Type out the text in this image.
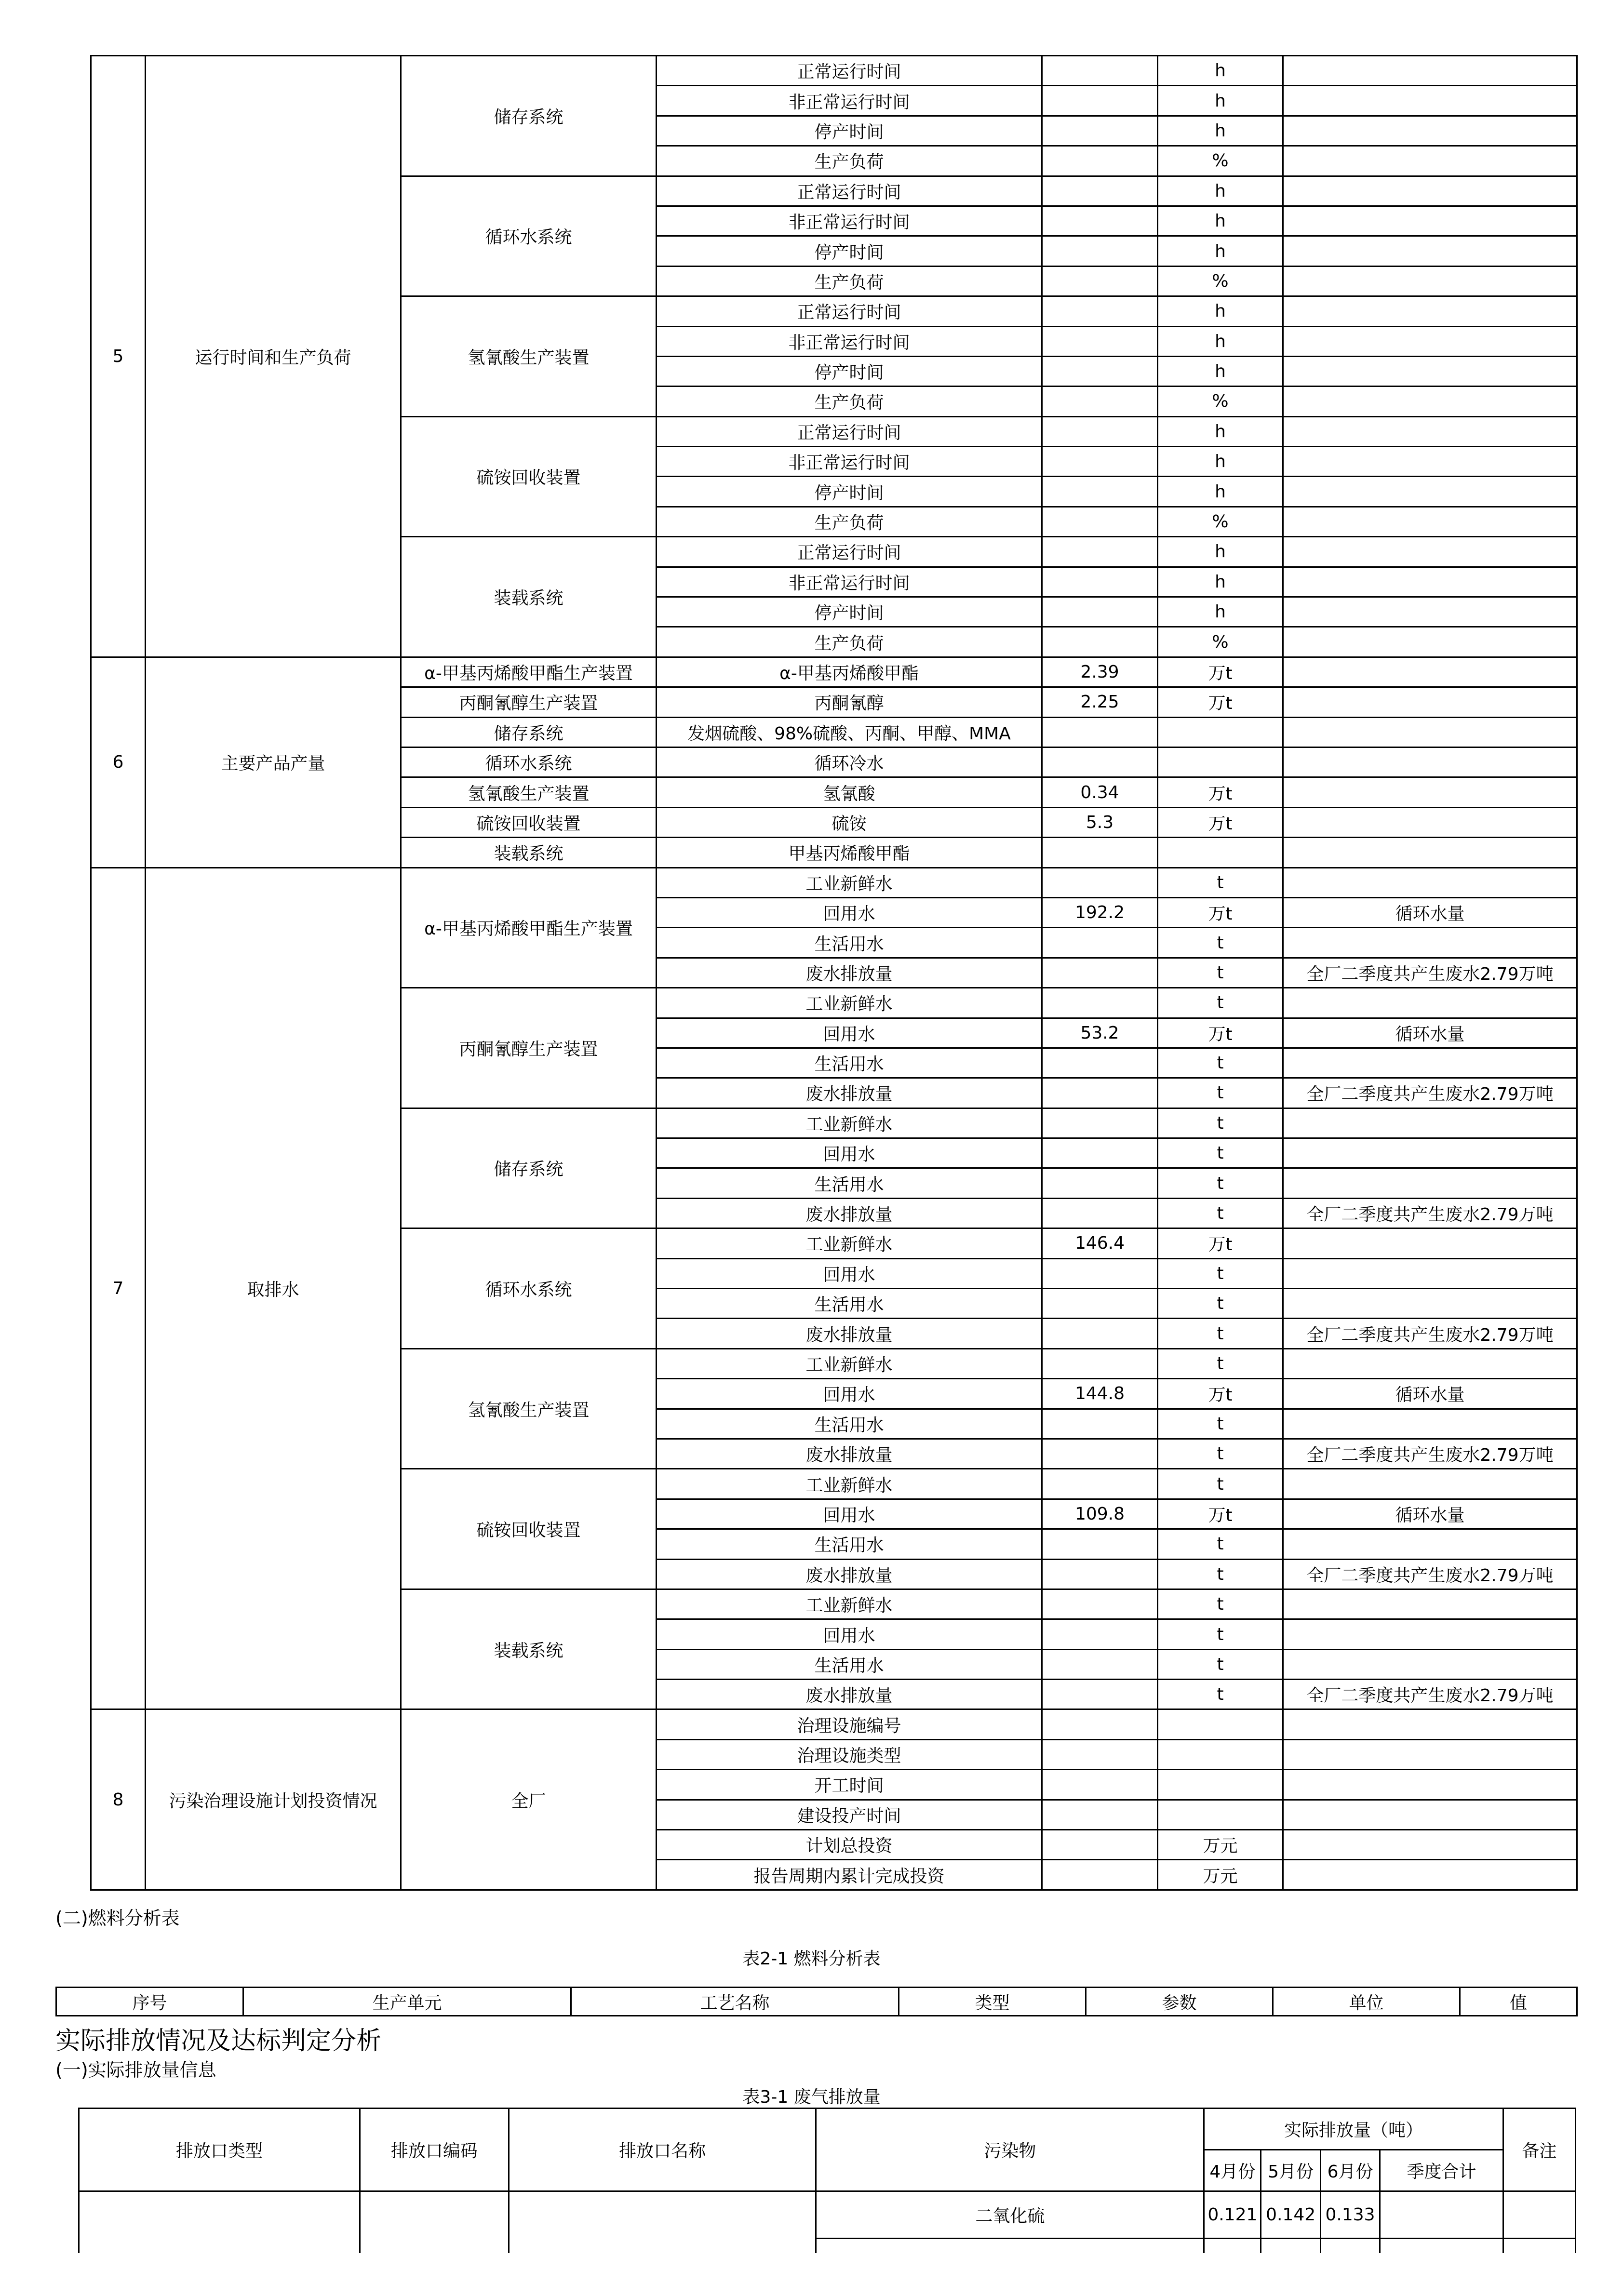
5	运行时间和生产负荷	储存系统	正常运行时间		h	
			非正常运行时间		h	
			停产时间		h	
			生产负荷		%	
		循环水系统	正常运行时间		h	
			非正常运行时间		h	
			停产时间		h	
			生产负荷		%	
		氢氰酸生产装置	正常运行时间		h	
			非正常运行时间		h	
			停产时间		h	
			生产负荷		%	
		硫铵回收装置	正常运行时间		h	
			非正常运行时间		h	
			停产时间		h	
			生产负荷		%	
		装载系统	正常运行时间		h	
			非正常运行时间		h	
			停产时间		h	
			生产负荷		%	
6	主要产品产量	α-甲基丙烯酸甲酯生产装置	α-甲基丙烯酸甲酯	2.39	万t	
		丙酮氰醇生产装置	丙酮氰醇	2.25	万t	
		储存系统	发烟硫酸、98%硫酸、丙酮、甲醇、MMA			
		循环水系统	循环冷水			
		氢氰酸生产装置	氢氰酸	0.34	万t	
		硫铵回收装置	硫铵	5.3	万t	
		装载系统	甲基丙烯酸甲酯			
7	取排水	α-甲基丙烯酸甲酯生产装置	工业新鲜水		t	
			回用水	192.2	万t	循环水量
			生活用水		t	
			废水排放量		t	全厂二季度共产生废水2.79万吨
		丙酮氰醇生产装置	工业新鲜水		t	
			回用水	53.2	万t	循环水量
			生活用水		t	
			废水排放量		t	全厂二季度共产生废水2.79万吨
		储存系统	工业新鲜水		t	
			回用水		t	
			生活用水		t	
			废水排放量		t	全厂二季度共产生废水2.79万吨
		循环水系统	工业新鲜水	146.4	万t	
			回用水		t	
			生活用水		t	
			废水排放量		t	全厂二季度共产生废水2.79万吨
		氢氰酸生产装置	工业新鲜水		t	
			回用水	144.8	万t	循环水量
			生活用水		t	
			废水排放量		t	全厂二季度共产生废水2.79万吨
		硫铵回收装置	工业新鲜水		t	
			回用水	109.8	万t	循环水量
			生活用水		t	
			废水排放量		t	全厂二季度共产生废水2.79万吨
		装载系统	工业新鲜水		t	
			回用水		t	
			生活用水		t	
			废水排放量		t	全厂二季度共产生废水2.79万吨
8	污染治理设施计划投资情况	全厂	治理设施编号			
			治理设施类型			
			开工时间			
			建设投产时间			
			计划总投资		万元	
			报告周期内累计完成投资		万元	
(二)燃料分析表
表2-1 燃料分析表
序号	生产单元	工艺名称	类型	参数	单位	值
实际排放情况及达标判定分析
(一)实际排放量信息
表3-1 废气排放量
排放口类型	排放口编码	排放口名称	污染物	实际排放量（吨）				备注
				4月份	5月份	6月份	季度合计	
			二氧化硫	0.121	0.142	0.133		
